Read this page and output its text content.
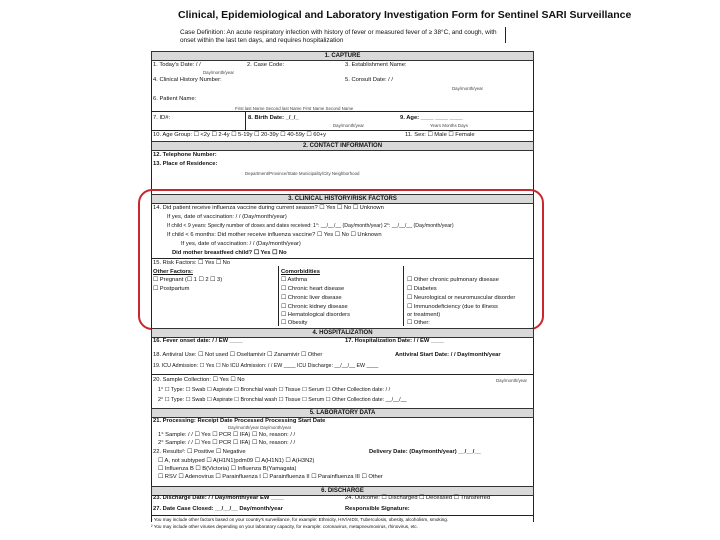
Clinical, Epidemiological and Laboratory Investigation Form for Sentinel SARI Surveillance
Case Definition: An acute respiratory infection with history of fever or measured fever of ≥ 38°C, and cough, with onset within the last ten days, and requires hospitalization
1. CAPTURE
1. Today's Date: / /	2. Case Code:	3. Establishment Name:
Day/month/year
4. Clinical History Number:	5. Consult Date: / /
Day/month/year
6. Patient Name:
First last Name Second last Name First Name Second Name
7. ID#:	8. Birth Date: _/_/_
Day/month/year
9. Age: ____ ____ ____
Years Months Days
10. Age Group: ☐ <2y ☐ 2-4y ☐ 5-19y ☐ 20-39y ☐ 40-59y ☐ 60+y	11. Sex: ☐ Male ☐ Female
2. CONTACT INFORMATION
12. Telephone Number:
13. Place of Residence:
Department/Province/State Municipality/City Neighborhood
3. CLINICAL HISTORY/RISK FACTORS
14. Did patient receive influenza vaccine during current season? ☐ Yes ☐ No ☐ Unknown
If yes, date of vaccination: / / (Day/month/year)
If child < 9 years: Specify number of doses and dates received: 1°: __/__/__ (Day/month/year) 2°: __/__/__ (Day/month/year)
If child < 6 months: Did mother receive influenza vaccine? ☐ Yes ☐ No ☐ Unknown
If yes, date of vaccination: / / (Day/month/year)
Did mother breastfeed child? ☐ Yes ☐ No
15. Risk Factors: ☐ Yes ☐ No
Other Factors:
☐ Pregnant (☐ 1 ☐ 2 ☐ 3)
☐ Postpartum
Comorbidities
☐ Asthma
☐ Chronic heart disease
☐ Chronic liver disease
☐ Chronic kidney disease
☐ Hematological disorders
☐ Obesity
☐ Other chronic pulmonary disease
☐ Diabetes
☐ Neurological or neuromuscular disorder
☐ Immunodeficiency (due to illness
or treatment)
☐ Other:
4. HOSPITALIZATION
16. Fever onset date: / / EW ____	17. Hospitalization Date: / / EW ____
18. Antiviral Use: ☐ Not used ☐ Oseltamivir ☐ Zanamivir ☐ Other	Antiviral Start Date: / / Day/month/year
19. ICU Admission: ☐ Yes ☐ No ICU Admission: / / EW ____ ICU Discharge: __/__/__ EW ____
20. Sample Collection: ☐ Yes ☐ No	Day/month/year
1° ☐ Type: ☐ Swab ☐ Aspirate ☐ Bronchial wash ☐ Tissue ☐ Serum ☐ Other Collection date: / /
2° ☐ Type: ☐ Swab ☐ Aspirate ☐ Bronchial wash ☐ Tissue ☐ Serum ☐ Other Collection date: __/__/__
5. LABORATORY DATA
21. Processing: Receipt Date Processed Processing Start Date
Day/month/year Day/month/year
1° Sample: / / ☐ Yes ☐ PCR ☐ IFA) ☐ No, reason: / /
2° Sample: / / ☐ Yes ☐ PCR ☐ IFA) ☐ No, reason: / /
22. Results²: ☐ Positive ☐ Negative	Delivery Date: (Day/month/year) __/__/__
☐ A, not subtyped ☐ A(H1N1)pdm09 ☐ A(H1N1) ☐ A(H3N2)
☐ Influenza B ☐ B(Victoria) ☐ Influenza B(Yamagata)
☐ RSV ☐ Adenovirus ☐ Parainfluenza I ☐ Parainfluenza II ☐ Parainfluenza III ☐ Other
6. DISCHARGE
23. Discharge Date: / / Day/month/year EW ____	24. Outcome: ☐ Discharged ☐ Deceased ☐ Transferred
27. Date Case Closed: __/__/__ Day/month/year	Responsible Signature:
¹ You may include other factors based on your country's surveillance, for example: Ethnicity, HIV/AIDS, Tuberculosis, obesity, alcoholism, smoking.
² You may include other viruses depending on your laboratory capacity, for example: coronavirus, metapneumovirus, rhinovirus, etc.
